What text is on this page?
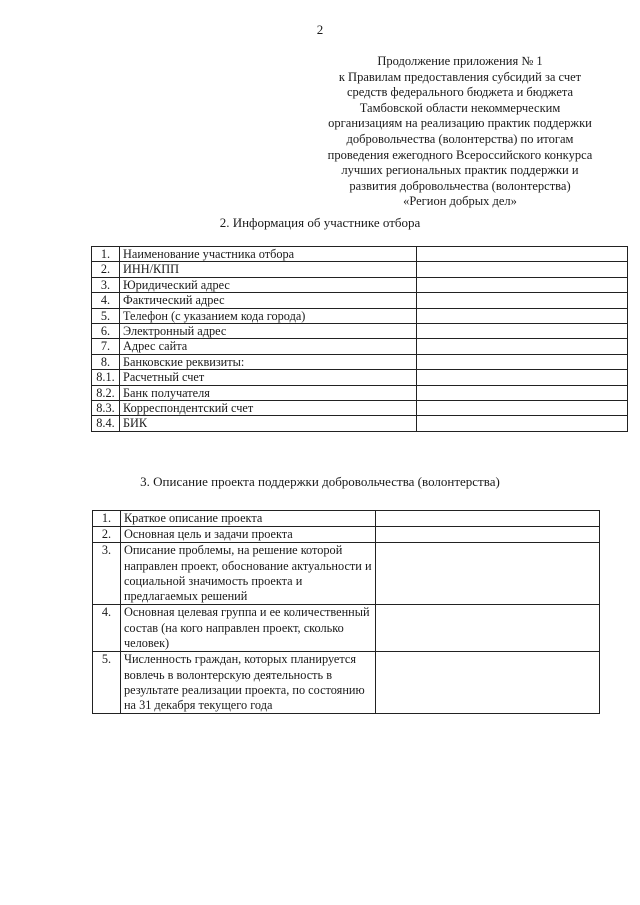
2
Продолжение приложения № 1
к Правилам предоставления субсидий за счет
средств федерального бюджета и бюджета
Тамбовской области некоммерческим
организациям на реализацию практик поддержки
добровольчества (волонтерства) по итогам
проведения ежегодного Всероссийского конкурса
лучших региональных практик поддержки и
развития добровольчества (волонтерства)
«Регион добрых дел»
2. Информация об участнике отбора
1.	Наименование участника отбора	
2.	ИНН/КПП	
3.	Юридический адрес	
4.	Фактический адрес	
5.	Телефон (с указанием кода города)	
6.	Электронный адрес	
7.	Адрес сайта	
8.	Банковские реквизиты:	
8.1.	Расчетный счет	
8.2.	Банк получателя	
8.3.	Корреспондентский счет	
8.4.	БИК	
3. Описание проекта поддержки добровольчества (волонтерства)
1.	Краткое описание проекта	
2.	Основная цель и задачи проекта	
3.	Описание проблемы, на решение которой направлен проект, обоснование актуальности и социальной значимость проекта и предлагаемых решений	
4.	Основная целевая группа и ее количественный состав (на кого направлен проект, сколько человек)	
5.	Численность граждан, которых планируется вовлечь в волонтерскую деятельность в результате реализации проекта, по состоянию на 31 декабря текущего года	
